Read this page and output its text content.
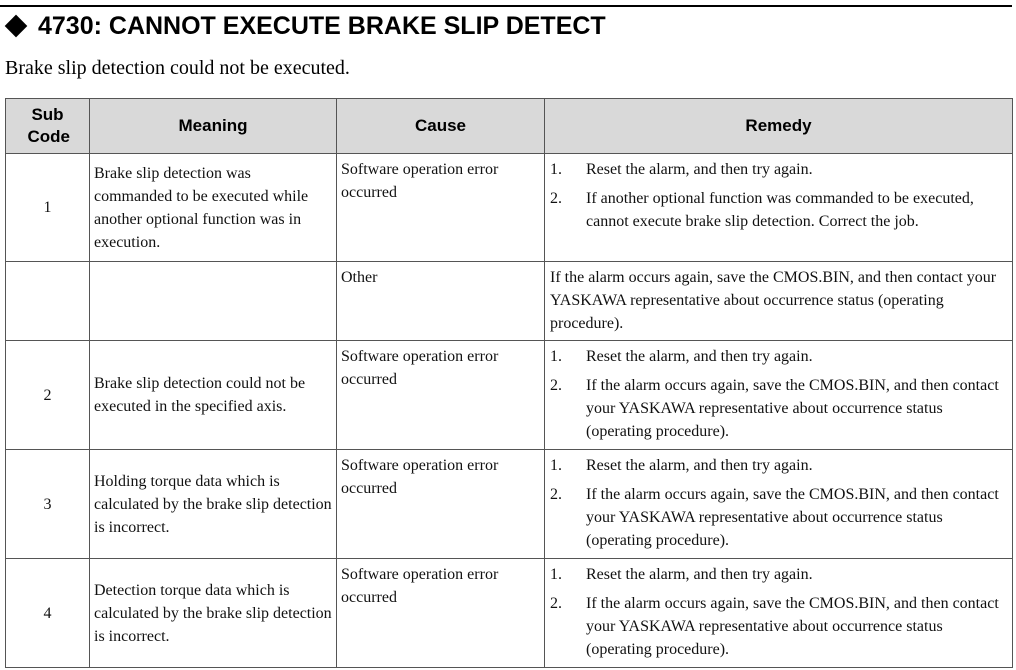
4730: CANNOT EXECUTE BRAKE SLIP DETECT
Brake slip detection could not be executed.
Sub Code	Meaning	Cause	Remedy
1	Brake slip detection was commanded to be executed while another optional function was in execution.	Software operation error occurred	1. Reset the alarm, and then try again.
2. If another optional function was commanded to be executed, cannot execute brake slip detection. Correct the job.

		Other	If the alarm occurs again, save the CMOS.BIN, and then contact your YASKAWA representative about occurrence status (operating procedure).
2	Brake slip detection could not be executed in the specified axis.	Software operation error occurred	1. Reset the alarm, and then try again.
2. If the alarm occurs again, save the CMOS.BIN, and then contact your YASKAWA representative about occurrence status (operating procedure).

3	Holding torque data which is calculated by the brake slip detection is incorrect.	Software operation error occurred	1. Reset the alarm, and then try again.
2. If the alarm occurs again, save the CMOS.BIN, and then contact your YASKAWA representative about occurrence status (operating procedure).

4	Detection torque data which is calculated by the brake slip detection is incorrect.	Software operation error occurred	1. Reset the alarm, and then try again.
2. If the alarm occurs again, save the CMOS.BIN, and then contact your YASKAWA representative about occurrence status (operating procedure).
